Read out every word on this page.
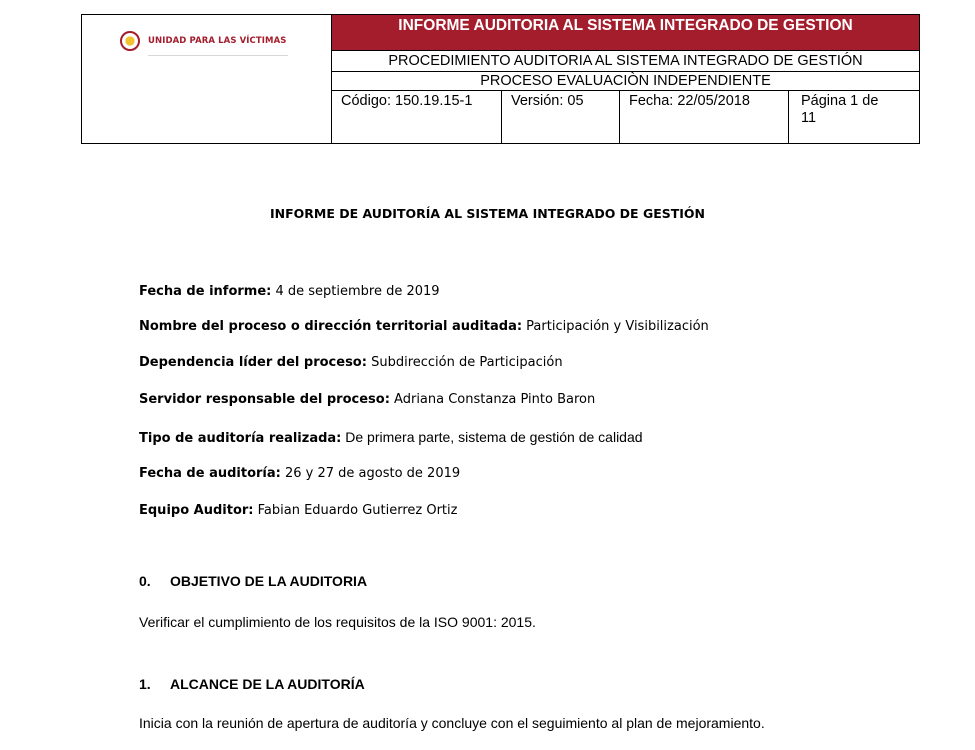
UNIDAD PARA LAS VÍCTIMAS
INFORME AUDITORIA AL SISTEMA INTEGRADO DE GESTION
PROCEDIMIENTO AUDITORIA AL SISTEMA INTEGRADO DE GESTIÓN
PROCESO EVALUACIÒN INDEPENDIENTE
Código: 150.19.15-1	Versión: 05	Fecha: 22/05/2018	Página 1 de
11
INFORME DE AUDITORÍA AL SISTEMA INTEGRADO DE GESTIÓN
Fecha de informe: 4 de septiembre de 2019
Nombre del proceso o dirección territorial auditada: Participación y Visibilización
Dependencia líder del proceso: Subdirección de Participación
Servidor responsable del proceso: Adriana Constanza Pinto Baron
Tipo de auditoría realizada: De primera parte, sistema de gestión de calidad
Fecha de auditoría: 26 y 27 de agosto de 2019
Equipo Auditor: Fabian Eduardo Gutierrez Ortiz
0. OBJETIVO DE LA AUDITORIA
Verificar el cumplimiento de los requisitos de la ISO 9001: 2015.
1. ALCANCE DE LA AUDITORÍA
Inicia con la reunión de apertura de auditoría y concluye con el seguimiento al plan de mejoramiento.
